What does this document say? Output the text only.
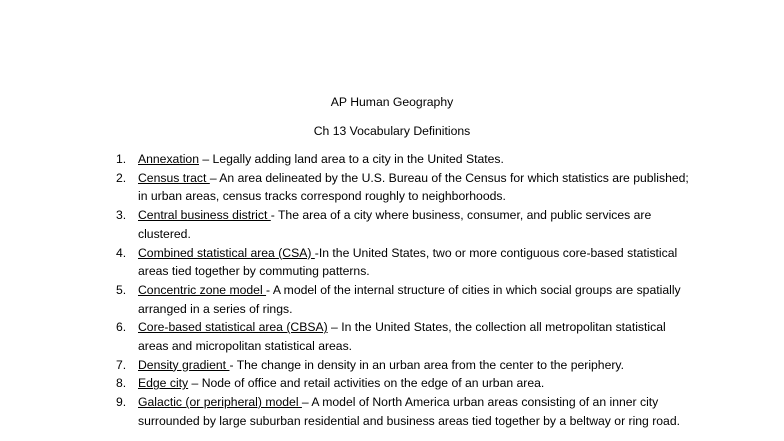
AP Human Geography
Ch 13 Vocabulary Definitions
1. Annexation – Legally adding land area to a city in the United States.
2. Census tract – An area delineated by the U.S. Bureau of the Census for which statistics are published; in urban areas, census tracks correspond roughly to neighborhoods.
3. Central business district - The area of a city where business, consumer, and public services are clustered.
4. Combined statistical area (CSA) -In the United States, two or more contiguous core-based statistical areas tied together by commuting patterns.
5. Concentric zone model - A model of the internal structure of cities in which social groups are spatially arranged in a series of rings.
6. Core-based statistical area (CBSA) – In the United States, the collection all metropolitan statistical areas and micropolitan statistical areas.
7. Density gradient - The change in density in an urban area from the center to the periphery.
8. Edge city – Node of office and retail activities on the edge of an urban area.
9. Galactic (or peripheral) model – A model of North America urban areas consisting of an inner city surrounded by large suburban residential and business areas tied together by a beltway or ring road.
